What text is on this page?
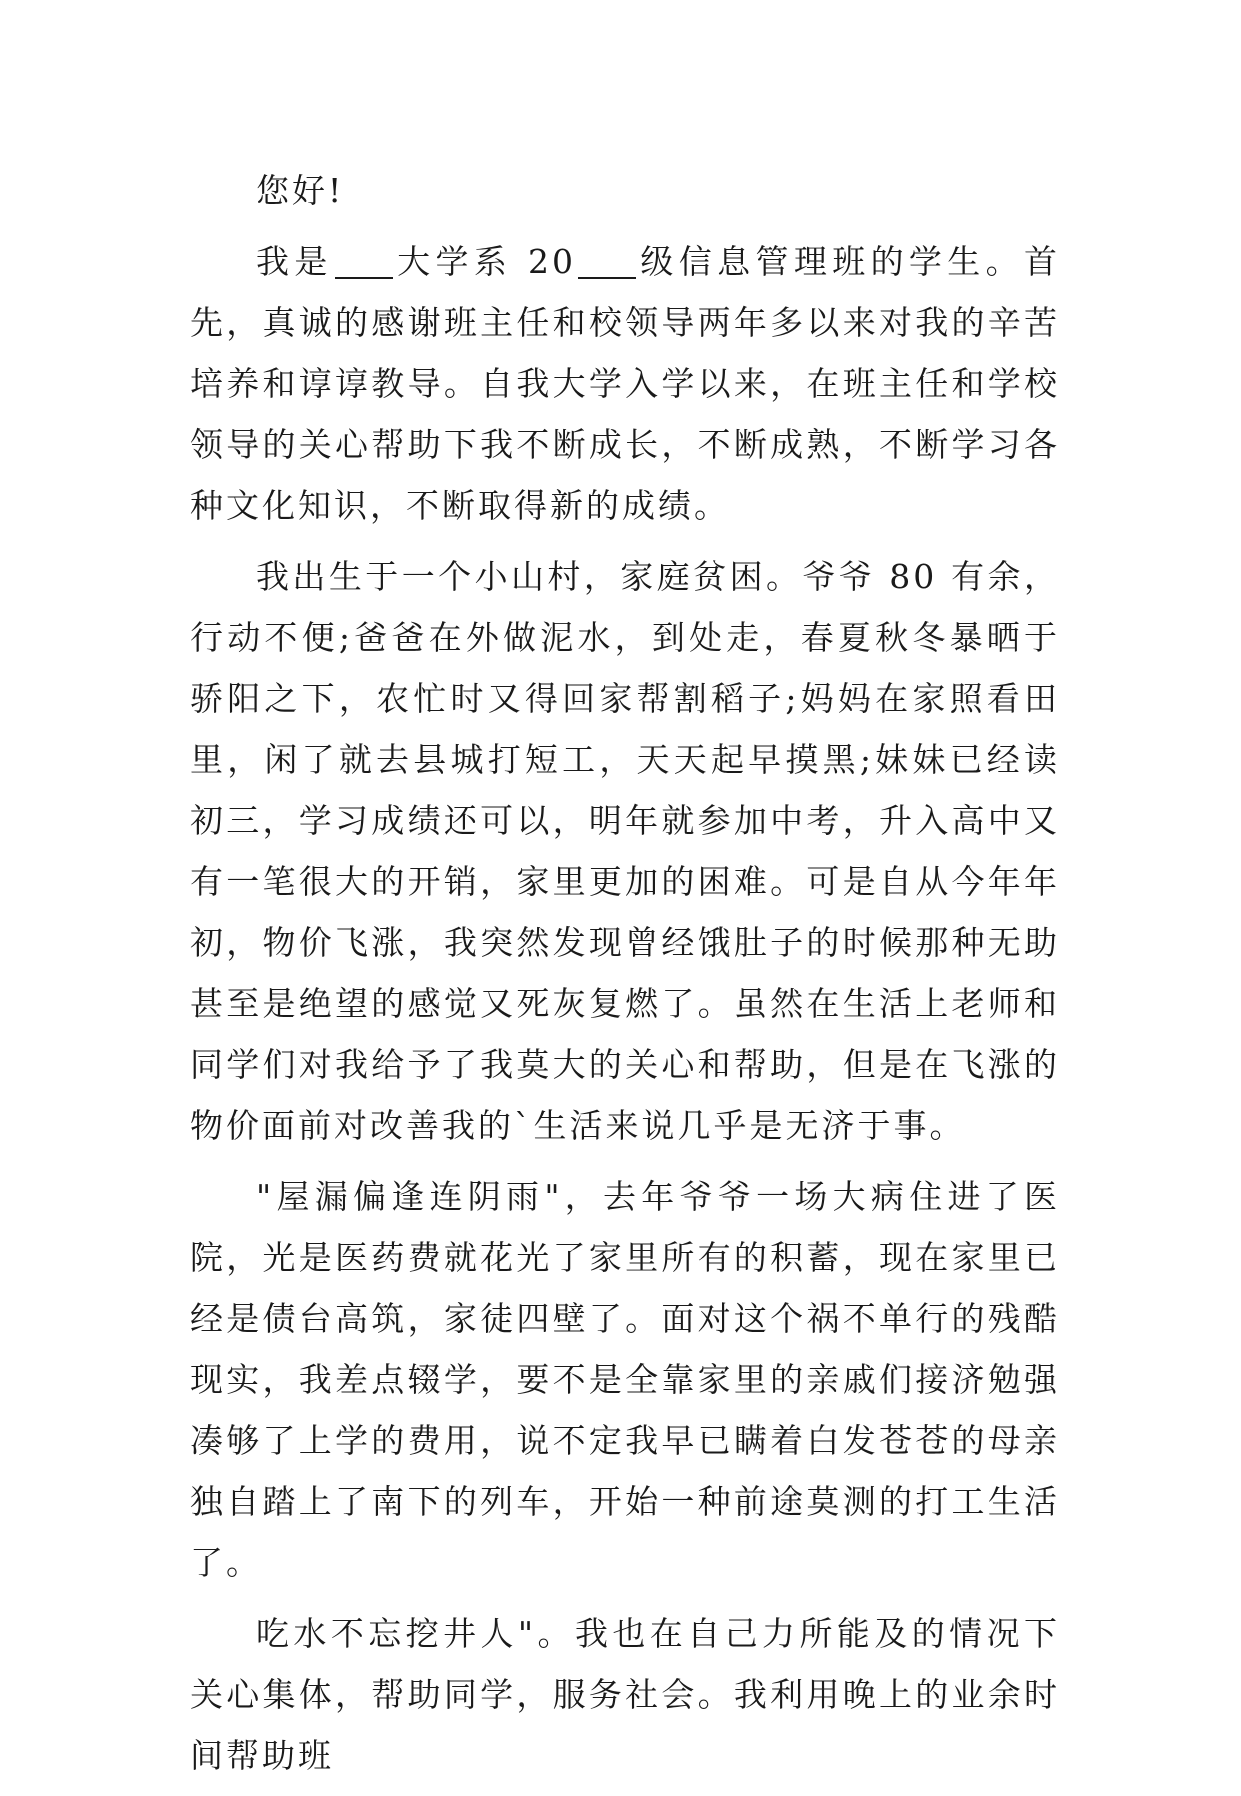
您好!

我是 大学系 20 级信息管理班的学生。首先，真诚的感谢班主任和校领导两年多以来对我的辛苦培养和谆谆教导。自我大学入学以来，在班主任和学校领导的关心帮助下我不断成长，不断成熟，不断学习各种文化知识，不断取得新的成绩。

我出生于一个小山村，家庭贫困。爷爷 80 有余，行动不便;爸爸在外做泥水，到处走，春夏秋冬暴晒于骄阳之下，农忙时又得回家帮割稻子;妈妈在家照看田里，闲了就去县城打短工，天天起早摸黑;妹妹已经读初三，学习成绩还可以，明年就参加中考，升入高中又有一笔很大的开销，家里更加的困难。可是自从今年年初，物价飞涨，我突然发现曾经饿肚子的时候那种无助甚至是绝望的感觉又死灰复燃了。虽然在生活上老师和同学们对我给予了我莫大的关心和帮助，但是在飞涨的物价面前对改善我的`生活来说几乎是无济于事。

"屋漏偏逢连阴雨"，去年爷爷一场大病住进了医院，光是医药费就花光了家里所有的积蓄，现在家里已经是债台高筑，家徒四壁了。面对这个祸不单行的残酷现实，我差点辍学，要不是全靠家里的亲戚们接济勉强凑够了上学的费用，说不定我早已瞒着白发苍苍的母亲独自踏上了南下的列车，开始一种前途莫测的打工生活了。

吃水不忘挖井人"。我也在自己力所能及的情况下关心集体，帮助同学，服务社会。我利用晚上的业余时间帮助班
